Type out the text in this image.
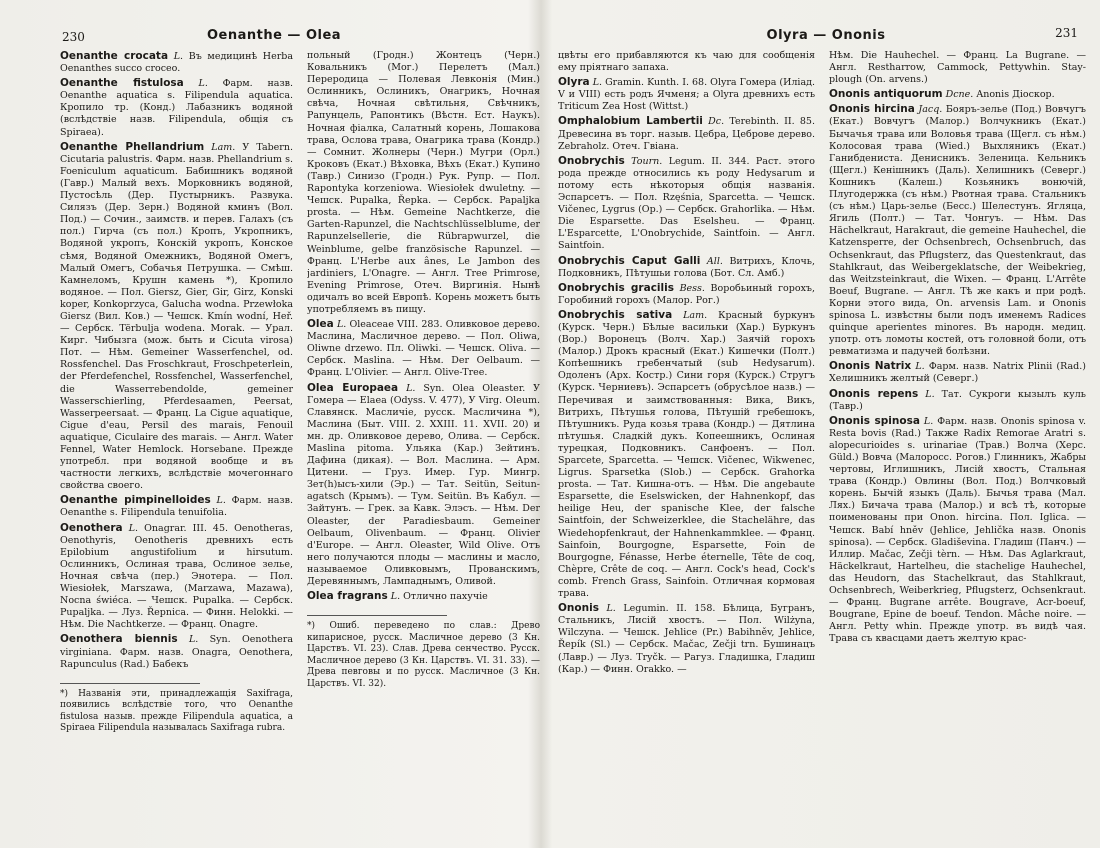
230	Oenanthe — Olea

Oenanthe crocata L. Въ медицинѣ Herba Oenanthes succo croceo.

Oenanthe fistulosa L. Фарм. назв. Oenanthe aquatica s. Filipendula aquatica. Кропило тр. (Конд.) Лабазникъ водяной (вслѣдствіе назв. Filipendula, общія съ Spiraea).

Oenanthe Phellandrium Lam. У Tabern. Cicutaria palustris. Фарм. назв. Phellandrium s. Foeniculum aquaticum. Бабишникъ водяной (Гавр.) Малый вехъ. Морковникъ водяной, Пустосѣль (Дер. Пустырникъ. Развука. Силязъ (Дер. Зерн.) Водяной кминъ (Вол. Под.) — Сочин., заимств. и перев. Галахъ (съ пол.) Гирча (съ пол.) Кропъ, Укропникъ, Водяной укропъ, Конскій укропъ, Конское сѣмя, Водяной Омежникъ, Водяной Омегъ, Малый Омегъ, Собачья Петрушка. — Смѣш. Камнеломъ, Крушн камень *), Кропило водяное. — Пол. Giersz, Gier, Gir, Girz, Konski koper, Konkoprzyca, Galucha wodna. Przewłoka Giersz (Вил. Ков.) — Чешск. Kmín wodní, Heř. — Сербск. Tërbulja wodena. Morak. — Урал. Кирг. Чибызга (мож. быть и Cicuta virosa) Пот. — Нѣм. Gemeiner Wasserfenchel, od. Rossfenchel. Das Froschkraut, Froschpeterlein, der Pferdefenchel, Rossfenchel, Wasserfenchel, die Wasserrebendolde, gemeiner Wasserschierling, Pferdesaamen, Peersat, Wasserpeersaat. — Франц. La Cigue aquatique, Cigue d'eau, Persil des marais, Fenouil aquatique, Ciculaire des marais. — Англ. Water Fennel, Water Hemlock. Horsebane. Прежде употребл. при водяной вообще и въ частности легкихъ, вслѣдствіе мочегоннаго свойства своего.

Oenanthe pimpinelloides L. Фарм. назв. Oenanthe s. Filipendula tenuifolia.

Oenothera L. Onagrar. III. 45. Oenotheras, Oenothyris, Oenotheris древнихъ есть Epilobium angustifolium и hirsutum. Ослинникъ, Ослиная трава, Ослиное зелье, Ночная свѣча (пер.) Энотера. — Пол. Wiesiołek, Marszawa, (Marzawa, Mazawa), Nocna świéca. — Чешск. Pupalka. — Сербск. Pupaljka. — Луз. Řepnica. — Финн. Helokki. — Нѣм. Die Nachtkerze. — Франц. Onagre.

Oenothera biennis L. Syn. Oenothera virginiana. Фарм. назв. Onagra, Oenothera, Rapunculus (Rad.) Бабекъ

*) Названія эти, принадлежащія Saxifraga, появились вслѣдствіе того, что Oenanthe fistulosa назыв. прежде Filipendula aquatica, а Spiraea Filipendula называлась Saxifraga rubra.

польный (Гродн.) Жонтецъ (Черн.) Ковальникъ (Мог.) Перелетъ (Мал.) Переродица — Полевая Левконія (Мин.) Ослинникъ, Ослиникъ, Онагрикъ, Ночная свѣча, Ночная свѣтильня, Свѣчникъ, Рапунцель, Рапонтикъ (Вѣстн. Ест. Наукъ). Ночная фіалка, Салатный корень, Лошакова трава, Ослова трава, Онагрика трава (Кондр.) — Сомнит. Жолнеры (Черн.) Мугри (Орл.) Кроковъ (Екат.) Вѣховка, Вѣхъ (Екат.) Купино (Тавр.) Синизо (Гродн.) Рук. Рупр. — Пол. Rapontyka korzeniowa. Wiesiołek dwuletny. — Чешск. Pupalka, Řepka. — Сербск. Papaljka prosta. — Нѣм. Gemeine Nachtkerze, die Garten-Rapunzel, die Nachtschlüsselblume, der Rapunzelsellerie, die Rübrapwurzel, die Weinblume, gelbe französische Rapunzel. — Франц. L'Herbe aux ânes, Le Jambon des jardiniers, L'Onagre. — Англ. Tree Primrose, Evening Primrose, Отеч. Виргинія. Нынѣ одичалъ во всей Европѣ. Корень можетъ быть употребляемъ въ пищу.

Olea L. Oleaceae VIII. 283. Оливковое дерево. Маслина, Масличное дерево. — Пол. Oliwa, Oliwne drzewo. Пл. Oliwki. — Чешск. Oliva. — Сербск. Maslina. — Нѣм. Der Oelbaum. — Франц. L'Olivier. — Англ. Olive-Tree.

Olea Europaea L. Syn. Olea Oleaster. У Гомера — Elaea (Odyss. V. 477), У Virg. Oleum. Славянск. Масличіе, русск. Масличина *), Маслина (Быт. VIII. 2. XXIII. 11. XVII. 20) и мн. др. Оливковое дерево, Олива. — Сербск. Maslina pitoma. Ульяка (Кар.) Зейтинъ. Дафина (дикая). — Вол. Маслина. — Арм. Цитени. — Груз. Имер. Гур. Мингр. Зет(h)ысъ-хили (Эр.) — Тат. Seitün, Seitun-agatsch (Крымъ). — Тум. Seitün. Въ Кабул. — Зайтунъ. — Грек. за Кавк. Элэсъ. — Нѣм. Der Oleaster, der Paradiesbaum. Gemeiner Oelbaum, Olivenbaum. — Франц. Olivier d'Europe. — Англ. Oleaster, Wild Olive. Отъ него получаются плоды — маслины и масло, называемое Оливковымъ, Прованскимъ, Деревяннымъ, Лампаднымъ, Оливой.

Olea fragrans L. Отлично пахучіе

*) Ошиб. переведено по слав.: Древо кипарисное, русск. Масличное дерево (3 Кн. Царствъ. VI. 23). Слав. Древа сенчество. Русск. Масличное дерево (3 Кн. Царствъ. VI. 31. 33). — Древа певговы и по русск. Масличное (3 Кн. Царствъ. VI. 32).
Olyra — Ononis	231

цвѣты его прибавляются къ чаю для сообщенія ему пріятнаго запаха.

Olyra L. Gramin. Kunth. I. 68. Olyra Гомера (Иліад. V и VIII) есть родъ Ячменя; а Olyra древнихъ есть Triticum Zea Host (Wittst.)

Omphalobium Lambertii Dc. Terebinth. II. 85. Древесина въ торг. назыв. Цебра, Цеброве дерево. Zebraholz. Отеч. Гвіана.

Onobrychis Tourn. Legum. II. 344. Раст. этого рода прежде относились къ роду Hedysarum и потому есть нѣкоторыя общія названія. Эспарсетъ. — Пол. Rzęśnia, Sparcetta. — Чешск. Vičenec, Lygrus (Ор.) — Сербск. Grahorlika. — Нѣм. Die Esparsette. Das Eselsheu. — Франц. L'Esparcette, L'Onobrychide, Saintfoin. — Англ. Saintfoin.

Onobrychis Caput Galli All. Витрихъ, Клочь, Подковникъ, Пѣтушьи голова (Бот. Сл. Амб.)

Onobrychis gracilis Bess. Воробьиный горохъ, Горобиний горохъ (Малор. Рог.)

Onobrychis sativa Lam. Красный буркунъ (Курск. Черн.) Бѣлые васильки (Хар.) Буркунъ (Вор.) Воронецъ (Волч. Хар.) Заячій горохъ (Малор.) Дрокъ красный (Екат.) Кишечки (Полт.) Копѣешникъ гребенчатый (sub Hedysarum). Одоленъ (Арх. Костр.) Сини горя (Курск.) Стругъ (Курск. Черниевъ). Эспарсетъ (обрусѣлое назв.) — Перечивая и заимствованныя: Вика, Викъ, Витрихъ, Пѣтушья голова, Пѣтушій гребешокъ, Пѣтушникъ. Руда козья трава (Кондр.) — Дятлина пѣтушья. Сладкій дукъ. Копеешникъ, Ослиная турецкая, Подковникъ. Санфоенъ. — Пол. Sparcete, Sparcetta. — Чешск. Vičenec, Wikwenec, Ligrus. Sparsetka (Slob.) — Сербск. Grahorka prosta. — Тат. Кишна-отъ. — Нѣм. Die angebaute Esparsette, die Eselswicken, der Hahnenkopf, das heilige Heu, der spanische Klee, der falsche Saintfoin, der Schweizerklee, die Stachelähre, das Wiedehopfenkraut, der Hahnenkammklee. — Франц. Sainfoin, Bourgogne, Esparsette, Foin de Bourgogne, Fénasse, Herbe éternelle, Tête de coq, Chèpre, Crête de coq. — Англ. Cock's head, Cock's comb. French Grass, Sainfoin. Отличная кормовая трава.

Ononis L. Legumin. II. 158. Бѣлица, Бугранъ, Стальникъ, Лисій хвостъ. — Пол. Wilżyna, Wilczyna. — Чешск. Jehlice (Pr.) Babihněv, Jehlice, Řepík (Sl.) — Сербск. Mačac, Zečji trn. Бушинацъ (Лавр.) — Луз. Tryčk. — Рагуз. Гладишка, Гладиш (Кар.) — Финн. Orakko. —

Нѣм. Die Hauhechel. — Франц. La Bugrane. — Англ. Restharrow, Cammock, Pettywhin. Stay-plough (On. arvens.)

Ononis antiquorum Dcne. Anonis Діоскор.

Ononis hircina Jacq. Бояръ-зелье (Под.) Вовчугъ (Екат.) Вовчугъ (Малор.) Волчукникъ (Екат.) Бычачья трава или Воловья трава (Щегл. съ нѣм.) Колосовая трава (Wied.) Выхляникъ (Екат.) Ганибдениста. Денисникъ. Зеленица. Кельникъ (Щегл.) Кенішникъ (Даль). Хелишникъ (Северг.) Кошникъ (Калеш.) Козьяникъ вонючій, Плугодержка (съ нѣм.) Рвотная трава. Стальникъ (съ нѣм.) Царь-зелье (Бесс.) Шелестунъ. Ягляца, Ягиль (Полт.) — Тат. Чонгуъ. — Нѣм. Das Hächelkraut, Harakraut, die gemeine Hauhechel, die Katzensperre, der Ochsenbrech, Ochsenbruch, das Ochsenkraut, das Pflugsterz, das Questenkraut, das Stahlkraut, das Weibergeklatsche, der Weibekrieg, das Weitzsteinkraut, die Wixen. — Франц. L'Arrête Boeuf, Bugrane. — Англ. Тѣ же какъ и при родѣ. Корни этого вида, On. arvensis Lam. и Ononis spinosa L. извѣстны были подъ именемъ Radices quinque aperientes minores. Въ народн. медиц. употр. отъ ломоты костей, отъ головной боли, отъ ревматизма и падучей болѣзни.

Ononis Natrix L. Фарм. назв. Natrix Plinii (Rad.) Хелишникъ желтый (Северг.)

Ononis repens L. Тат. Сукроги кызылъ куль (Тавр.)

Ononis spinosa L. Фарм. назв. Ononis spinosa v. Resta bovis (Rad.) Также Radix Remorae Aratri s. alopecurioides s. urinariae (Трав.) Волча (Херс. Güld.) Вовча (Малоросс. Рогов.) Глинникъ, Жабры чертовы, Иглишникъ, Лисій хвостъ, Стальная трава (Кондр.) Овлины (Вол. Под.) Волчковый корень. Бычій языкъ (Даль). Бычья трава (Мал. Лях.) Бичача трава (Малор.) и всѣ тѣ, которые поименованы при Onon. hircina. Пол. Iglica. — Чешск. Babí hněv (Jehlice, Jehlička назв. Ononis spinosa). — Сербск. Gladiševina. Гладиш (Панч.) — Иллир. Mačac, Zečji tèrn. — Нѣм. Das Aglarkraut, Häckelkraut, Hartelheu, die stachelige Hauhechel, das Heudorn, das Stachelkraut, das Stahlkraut, Ochsenbrech, Weiberkrieg, Pflugsterz, Ochsenkraut. — Франц. Bugrane arrête. Bougrave, Acr-boeuf, Bougrane, Epine de boeuf. Tendon. Mâche noire. — Англ. Petty whin. Прежде употр. въ видѣ чая. Трава съ квасцами даетъ желтую крас-
